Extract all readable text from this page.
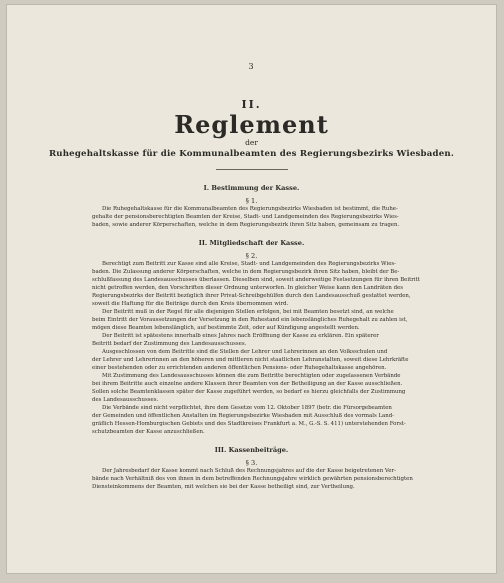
3
II.
Reglement
der
Ruhegehaltskasse für die Kommunalbeamten des Regierungsbezirks Wiesbaden.
I. Bestimmung der Kasse.
§ 1.
Die Ruhegehaltskasse für die Kommunalbeamten des Regierungsbezirks Wiesbaden ist bestimmt, die Ruhe-
gehalte der pensionsberechtigten Beamten der Kreise, Stadt- und Landgemeinden des Regierungsbezirks Wies-
baden, sowie anderer Körperschaften, welche in dem Regierungsbezirk ihren Sitz haben, gemeinsam zu tragen.
II. Mitgliedschaft der Kasse.
§ 2.
Berechtigt zum Beitritt zur Kasse sind alle Kreise, Stadt- und Landgemeinden des Regierungsbezirks Wies-
baden. Die Zulassung anderer Körperschaften, welche in dem Regierungsbezirk ihren Sitz haben, bleibt der Be-
schlußfassung des Landesausschusses überlassen. Dieselben sind, soweit anderweitige Festsetzungen für ihren Beitritt
nicht getroffen werden, den Vorschriften dieser Ordnung unterworfen. In gleicher Weise kann den Landräten des
Regierungsbezirks der Beitritt bezüglich ihrer Privat-Schreibgehülfen durch den Landesausschuß gestattet werden,
soweit die Haftung für die Beiträge durch den Kreis übernommen wird.
Der Beitritt muß in der Regel für alle diejenigen Stellen erfolgen, bei mit Beamten besetzt sind, an welche
beim Eintritt der Voraussetzungen der Versetzung in den Ruhestand ein lebenslängliches Ruhegehalt zu zahlen ist,
mögen diese Beamten lebenslänglich, auf bestimmte Zeit, oder auf Kündigung angestellt werden.
Der Beitritt ist spätestens innerhalb eines Jahres nach Eröffnung der Kasse zu erklären. Ein späterer
Beitritt bedarf der Zustimmung des Landesausschusses.
Ausgeschlossen von dem Beitritte sind die Stellen der Lehrer und Lehrerinnen an den Volksschulen und
der Lehrer und Lehrerinnen an den höheren und mittleren nicht staatlichen Lehranstalten, soweit diese Lehrkräfte
einer bestehenden oder zu errichtenden anderen öffentlichen Pensions- oder Ruhegehaltskasse angehören.
Mit Zustimmung des Landesausschusses können die zum Beitritte berechtigten oder zugelassenen Verbände
bei ihrem Beitritte auch einzelne andere Klassen ihrer Beamten von der Betheiligung an der Kasse ausschließen.
Sollen solche Beamtenklassen später der Kasse zugeführt werden, so bedarf es hierzu gleichfalls der Zustimmung
des Landesausschusses.
Die Verbände sind nicht verpflichtet, ihre dem Gesetze vom 12. Oktober 1897 (betr. die Fürsorgebeamten
der Gemeinden und öffentlichen Anstalten im Regierungsbezirke Wiesbaden mit Ausschluß des vormals Land-
gräflich Hessen-Homburgischen Gebiets und des Stadtkreises Frankfurt a. M., G.-S. S. 411) unterstehenden Forst-
schutzbeamten der Kasse anzuschließen.
III. Kassenbeiträge.
§ 3.
Der Jahresbedarf der Kasse kommt nach Schluß des Rechnungsjahres auf die der Kasse beigetretenen Ver-
bände nach Verhältniß des von ihnen in dem betreffenden Rechnungsjahre wirklich gewährten pensionsberechtigten
Diensteinkommens der Beamten, mit welchen sie bei der Kasse betheiligt sind, zur Vertheilung.
